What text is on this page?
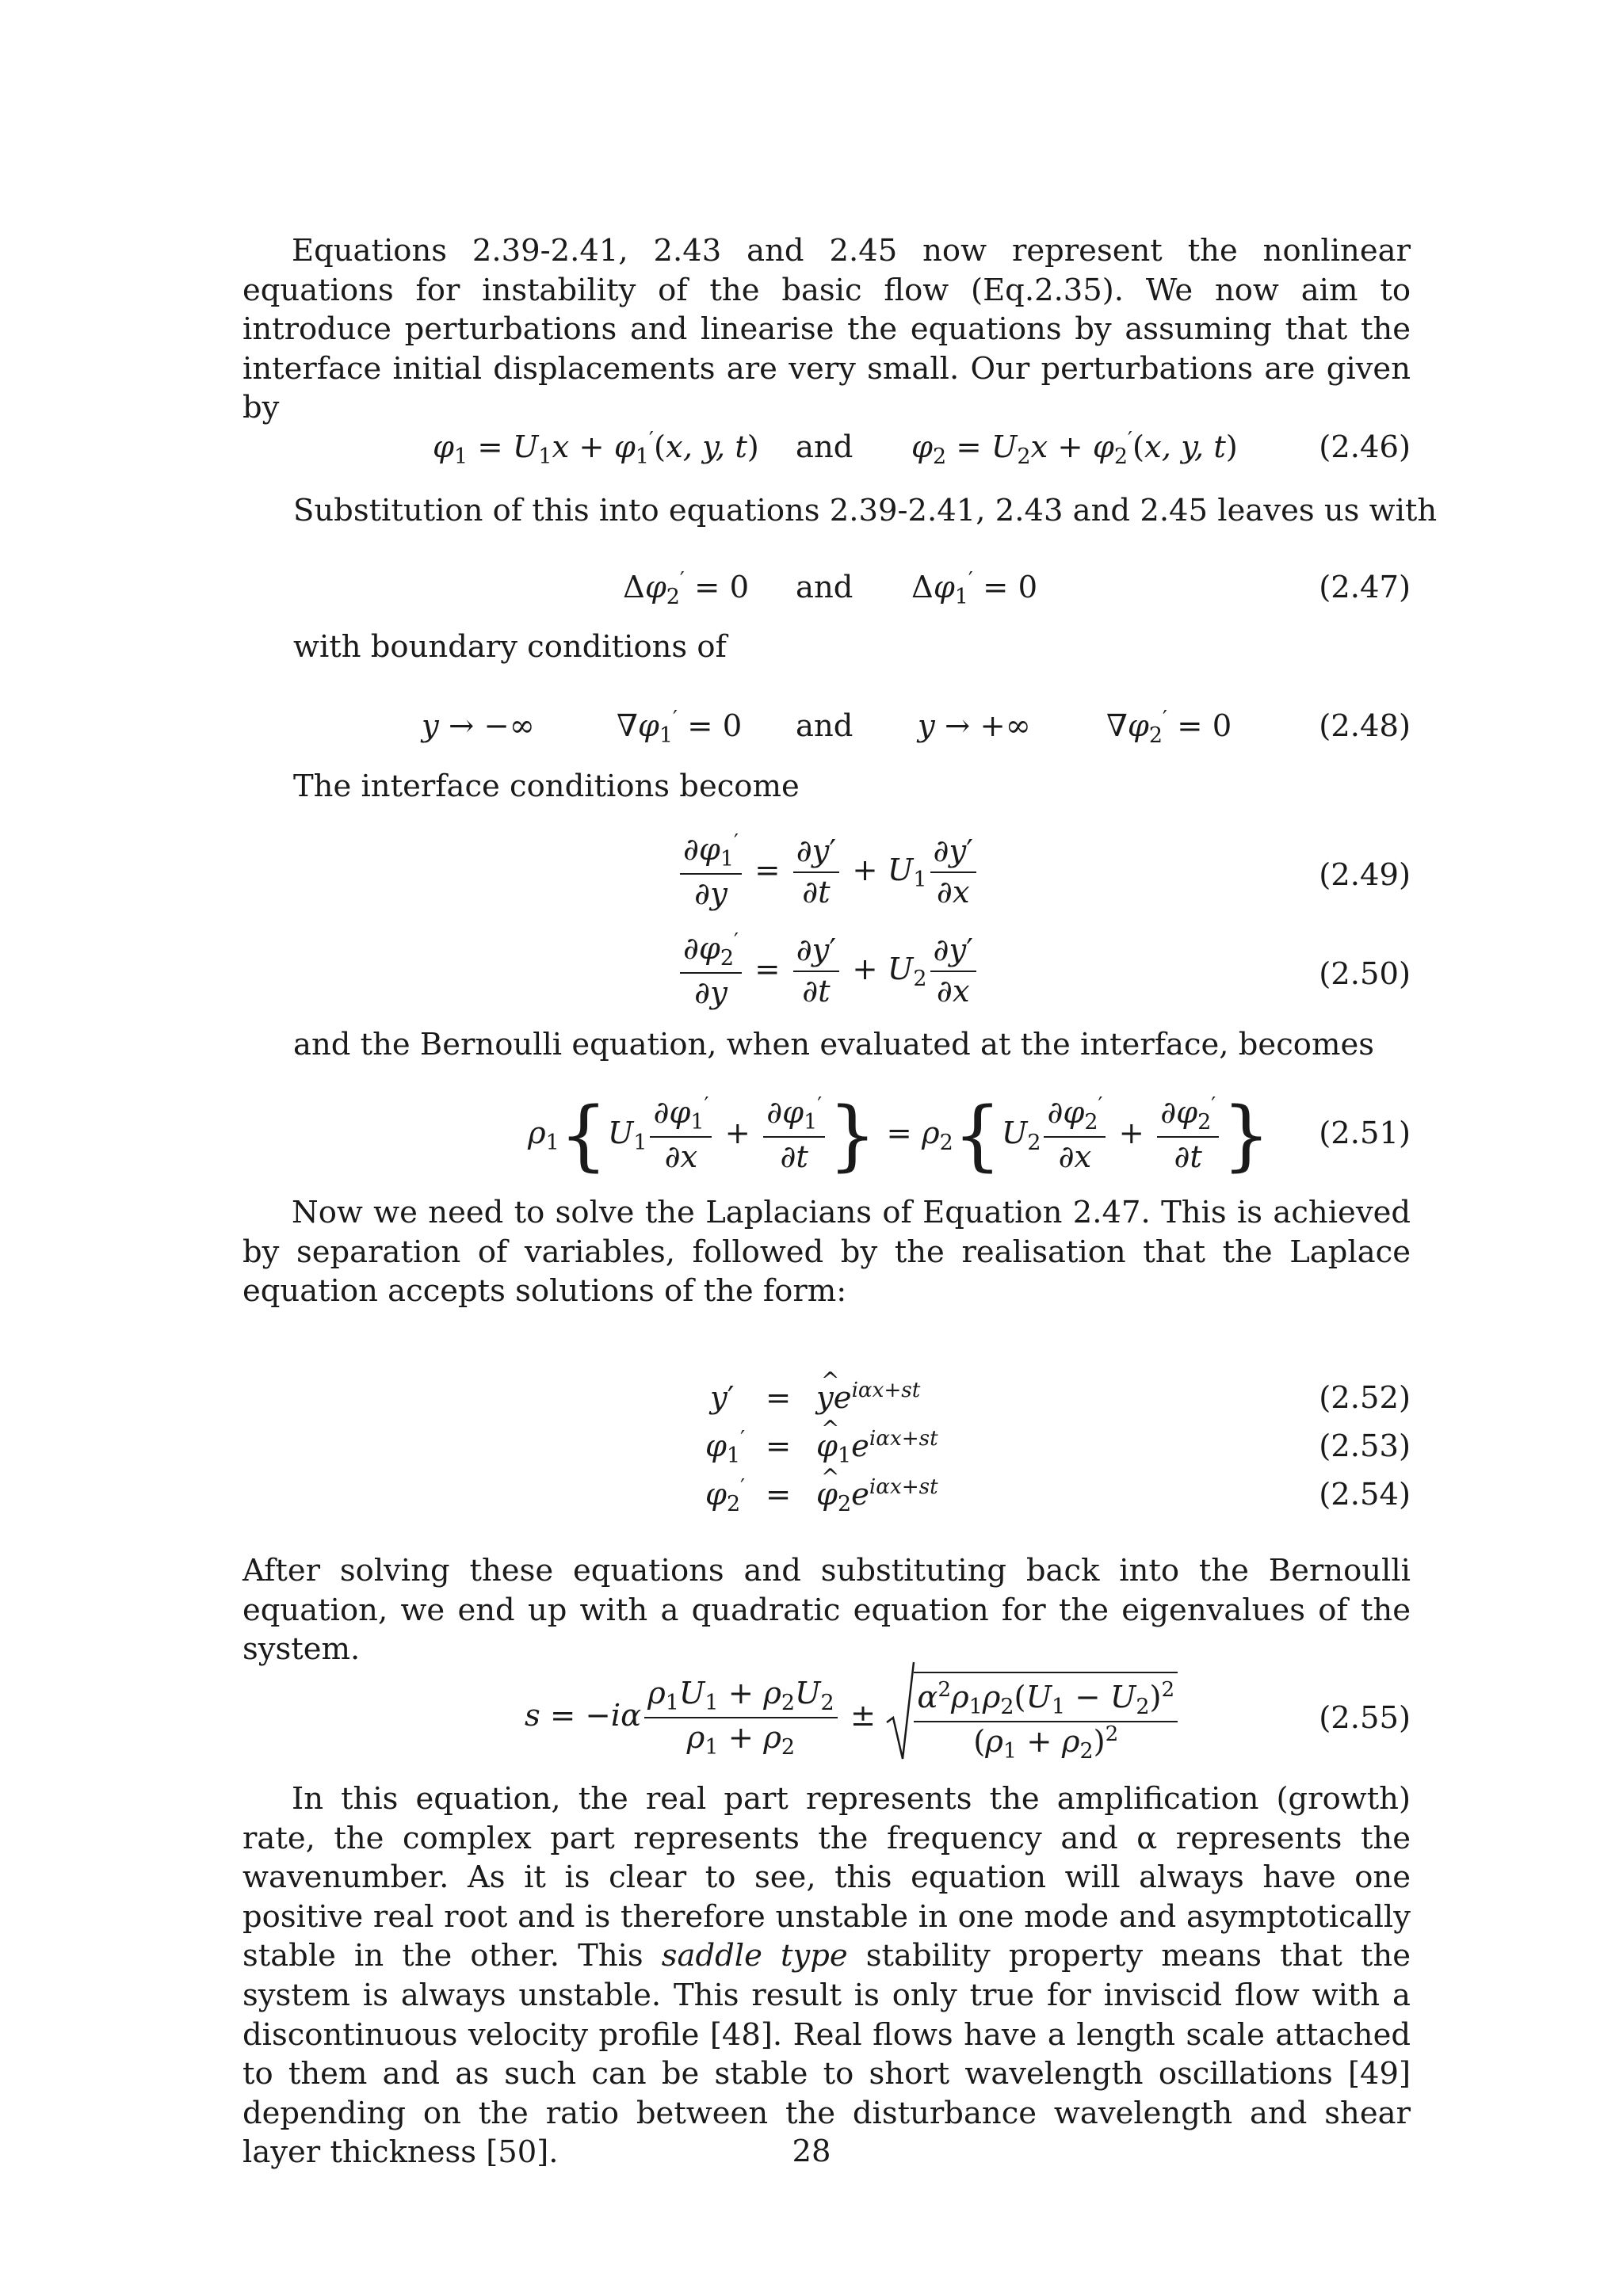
Equations 2.39-2.41, 2.43 and 2.45 now represent the nonlinear equations for instability of the basic flow (Eq.2.35). We now aim to introduce perturbations and linearise the equations by assuming that the interface initial displacements are very small. Our perturbations are given by

φ1 = U1x + φ1′(x, y, t) and φ2 = U2x + φ2′(x, y, t)	(2.46)
Substitution of this into equations 2.39-2.41, 2.43 and 2.45 leaves us with
Δφ2′ = 0 and Δφ1′ = 0	(2.47)
with boundary conditions of
y → −∞	∇φ1′ = 0 and y → +∞ ∇φ2′ = 0	(2.48)
The interface conditions become
$\frac{\partial\varphi 1'}{\partial y} = \frac{\partial y'}{\partial t} + U1 \frac{\partial y'}{\partial x}$	(2.49)
$\frac{\partial\varphi 2'}{\partial y} = \frac{\partial y'}{\partial t} + U2 \frac{\partial y'}{\partial x}$	(2.50)
and the Bernoulli equation, when evaluated at the interface, becomes
$\rho 1\{U1 \frac{\partial\varphi 1'}{\partial x} + \frac{\partial\varphi 1'}{\partial t}$ } = $\rho 2\{U2 \frac{\partial\varphi 2'}{\partial x} + \frac{\partial\varphi 2'}{\partial t}$ } (2.51)

Now we need to solve the Laplacians of Equation 2.47. This is achieved by separation of variables, followed by the realisation that the Laplace equation accepts solutions of the form:

y′ = ^ $ye^{i\alpha x+st}$	(2.52)
φ1′ = ^ $\varphi 1e^{i\alpha x+st}$	(2.53)
φ2′ = ^ $\varphi 2e^{i\alpha x+st}$	(2.54)

After solving these equations and substituting back into the Bernoulli equation, we end up with a quadratic equation for the eigenvalues of the system.

$s = -i\alpha \frac{\rho 1U1 + \rho 2U2}{\rho 1 + \rho 2} \pm \frac{\alpha^2\rho 1\rho 2(U1 - U2)^2}{(\rho 1 + \rho 2)^2}$	(2.55)

In this equation, the real part represents the amplification (growth) rate, the complex part represents the frequency and α represents the wavenumber. As it is clear to see, this equation will always have one positive real root and is therefore unstable in one mode and asymptotically stable in the other. This saddle type stability property means that the system is always unstable. This result is only true for inviscid flow with a discontinuous velocity profile [48]. Real flows have a length scale attached to them and as such can be stable to short wavelength oscillations [49] depending on the ratio between the disturbance wavelength and shear layer thickness [50].	28
